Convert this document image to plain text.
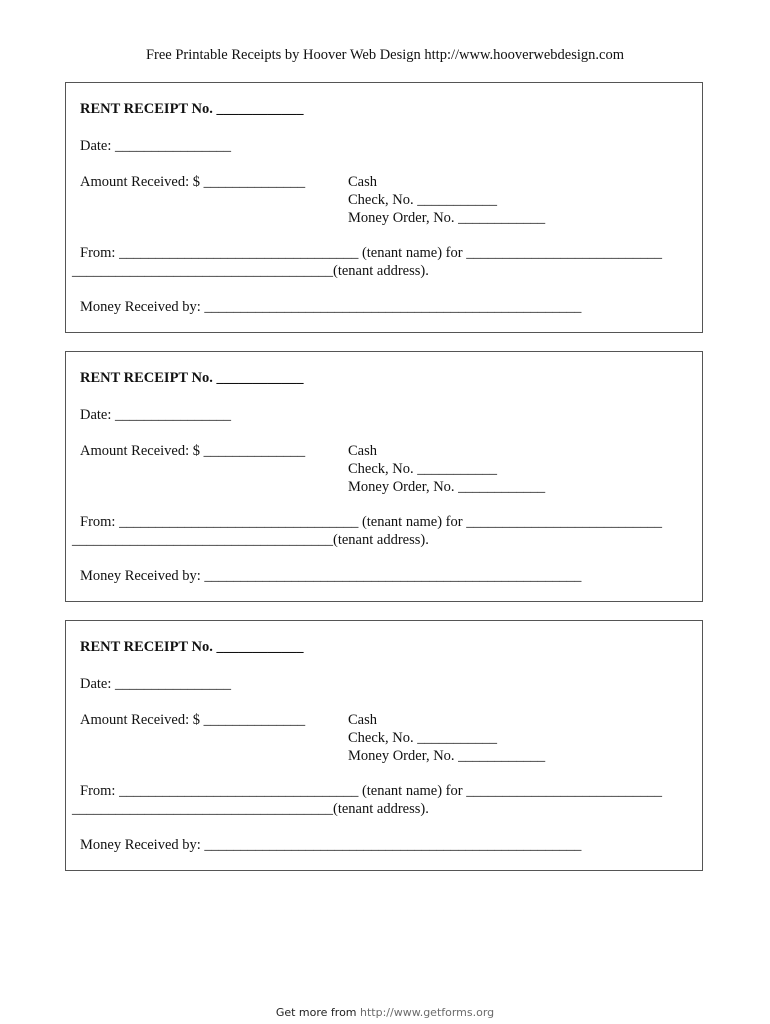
Free Printable Receipts by Hoover Web Design http://www.hooverwebdesign.com
RENT RECEIPT No. ____________
Date: ________________
Amount Received: $ ______________	Cash
Check, No. ___________
Money Order, No. ____________
From: _________________________________ (tenant name) for ___________________________
____________________________________(tenant address).
Money Received by: ____________________________________________________
RENT RECEIPT No. ____________
Date: ________________
Amount Received: $ ______________	Cash
Check, No. ___________
Money Order, No. ____________
From: _________________________________ (tenant name) for ___________________________
____________________________________(tenant address).
Money Received by: ____________________________________________________
RENT RECEIPT No. ____________
Date: ________________
Amount Received: $ ______________	Cash
Check, No. ___________
Money Order, No. ____________
From: _________________________________ (tenant name) for ___________________________
____________________________________(tenant address).
Money Received by: ____________________________________________________
Get more from http://www.getforms.org
